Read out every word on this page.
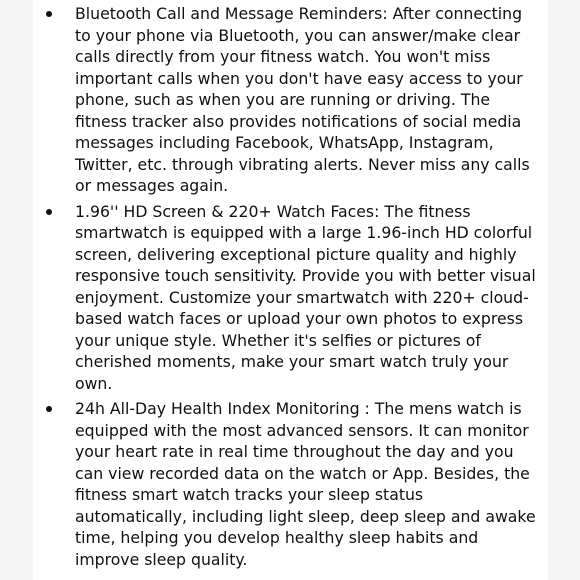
Bluetooth Call and Message Reminders: After connecting to your phone via Bluetooth, you can answer/make clear calls directly from your fitness watch. You won't miss important calls when you don't have easy access to your phone, such as when you are running or driving. The fitness tracker also provides notifications of social media messages including Facebook, WhatsApp, Instagram, Twitter, etc. through vibrating alerts. Never miss any calls or messages again.
1.96'' HD Screen & 220+ Watch Faces: The fitness smartwatch is equipped with a large 1.96-inch HD colorful screen, delivering exceptional picture quality and highly responsive touch sensitivity. Provide you with better visual enjoyment. Customize your smartwatch with 220+ cloud-based watch faces or upload your own photos to express your unique style. Whether it's selfies or pictures of cherished moments, make your smart watch truly your own.
24h All-Day Health Index Monitoring : The mens watch is equipped with the most advanced sensors. It can monitor your heart rate in real time throughout the day and you can view recorded data on the watch or App. Besides, the fitness smart watch tracks your sleep status automatically, including light sleep, deep sleep and awake time, helping you develop healthy sleep habits and improve sleep quality.
